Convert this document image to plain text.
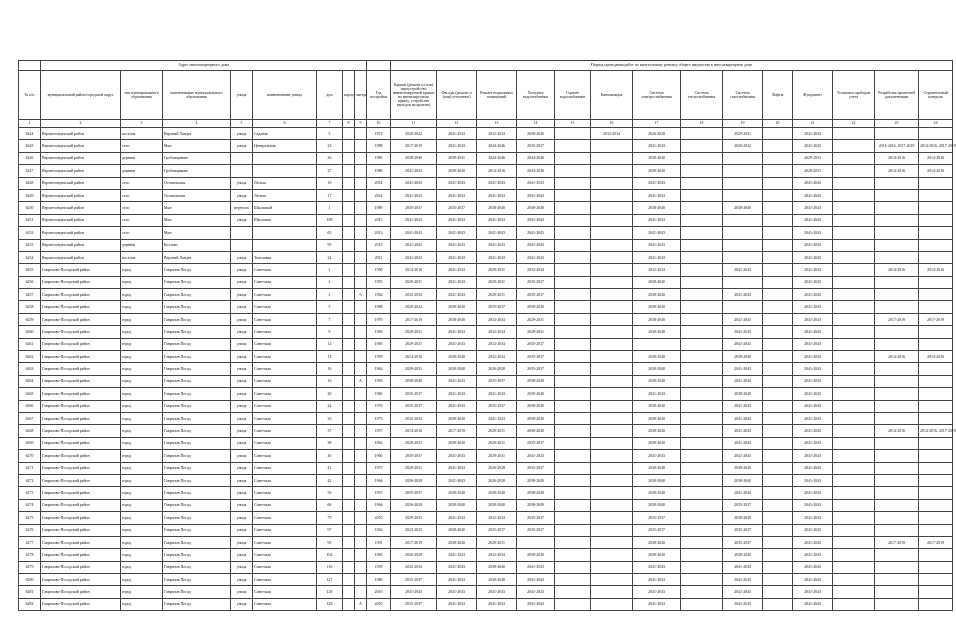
	Адрес многоквартирного дома									Период проведения работ по капитальному ремонту общего имущества в многоквартирном доме													
№ п/п	муниципальный район/городской округ	тип муниципального образования	наименование муниципального образования	улица	наименование улицы	дом	корпус	литера	Год постройки	Крыши (ремонт и (или) переустройство невентилируемой крыши на вентилируемую крышу, устройство выходов на кровлю)	Фасады (ремонт и (или) утепление)	Ремонт подвальных помещений	Холодное водоснабжение	Горячее водоснабжение	Канализация	Система электроснабжения	Система теплоснабжения	Система газоснабжения	Лифты	Фундамент	Установка приборов учета	Разработка проектной документации	Строительный контроль
1	2	3	4	5	6	7	8	9	10	11	12	13	14	15	16	17	18	19	20	21	22	23	24
6244	Верхнеландехский район	поселок	Верхний Ландех	улица	Садовая	5			1972	2020-2022	2041-2043	2032-2034	2038-2040		2032-2034	2026-2028		2029-2031		2041-2043			
6245	Верхнеландехский район	село	Мыт	улица	Центральная	23			1989	2017-2019	2041-2043	2044-2046	2035-2037			2041-2043		2020-2022		2041-2043		2014-2016, 2017-2019	2014-2016, 2017-2019
6246	Верхнеландехский район	деревня	Гробовщиково			26			1985	2038-2040	2039-2041	2044-2046	2044-2046			2038-2040				2029-2031		2014-2016	2014-2016
6247	Верхнеландехский район	деревня	Гробовщиково			27			1986	2041-2043	2038-2040	2014-2016	2044-2046			2038-2040				2029-2031		2014-2016	2014-2016
6248	Верхнеландехский район	село	Остаповская	улица	Лесная	16			2014	2041-2043	2041-2043	2041-2043	2041-2043			2041-2043				2041-2043			
6249	Верхнеландехский район	село	Остаповская	улица	Лесная	17			2014	2041-2043	2041-2043	2041-2043	2041-2043			2041-2043				2041-2043			
6250	Верхнеландехский район	село	Мыт	переулок	Школьный	1			1989	2035-2037	2035-2037	2038-2040	2038-2040			2038-2040		2038-2040		2041-2043			
6251	Верхнеландехский район	село	Мыт	улица	Школьная	108			2015	2041-2043	2041-2043	2041-2043	2041-2043			2041-2043				2041-2043			
6252	Верхнеландехский район	село	Мыт			65			2013	2041-2043	2041-2043	2041-2043	2041-2043			2041-2043				2041-2043			
6253	Верхнеландехский район	деревня	Козлово			95			2013	2041-2043	2041-2043	2041-2043	2041-2043			2041-2043				2041-2043			
6254	Верхнеландехский район	поселок	Верхний Ландех	улица	Тополевая	24			2011	2041-2043	2041-2043	2041-2043	2041-2043			2041-2043				2041-2043			
6255	Гаврилово-Посадский район	город	Гаврилов Посад	улица	Советская	1			1950	2014-2016	2041-2043	2029-2031	2032-2034			2032-2034		2041-2043		2041-2043		2014-2016	2014-2016
6256	Гаврилово-Посадский район	город	Гаврилов Посад	улица	Советская	2			1955	2029-2031	2041-2043	2029-2031	2035-2037			2038-2040				2041-2043			
6257	Гаврилово-Посадский район	город	Гаврилов Посад	улица	Советская	2		б	1962	2032-2034	2041-2043	2029-2031	2035-2037			2038-2040		2041-2043		2041-2043			
6258	Гаврилово-Посадский район	город	Гаврилов Посад	улица	Советская	5			1968	2020-2022	2038-2040	2035-2037	2038-2040			2038-2040				2041-2043			
6259	Гаврилово-Посадский район	город	Гаврилов Посад	улица	Советская	7			1970	2017-2019	2038-2040	2032-2034	2029-2031			2038-2040		2041-2043		2041-2043		2017-2019	2017-2019
6260	Гаврилово-Посадский район	город	Гаврилов Посад	улица	Советская	9			1983	2029-2031	2041-2043	2032-2034	2029-2031			2038-2040		2041-2043		2041-2043			
6261	Гаврилово-Посадский район	город	Гаврилов Посад	улица	Советская	12			1985	2029-2031	2041-2043	2032-2034	2035-2037					2041-2043		2041-2043			
6262	Гаврилово-Посадский район	город	Гаврилов Посад	улица	Советская	14			1959	2014-2016	2038-2040	2032-2034	2035-2037			2038-2040		2038-2040		2041-2043		2014-2016	2014-2016
6263	Гаврилово-Посадский район	город	Гаврилов Посад	улица	Советская	16			1962	2029-2031	2038-2040	2026-2028	2035-2037			2038-2040		2041-2043		2041-2043			
6264	Гаврилово-Посадский район	город	Гаврилов Посад	улица	Советская	16		А	1983	2038-2040	2041-2043	2035-2037	2038-2040			2038-2040		2041-2043		2041-2043			
6265	Гаврилово-Посадский район	город	Гаврилов Посад	улица	Советская	20			1960	2035-2037	2041-2043	2041-2043	2038-2040			2041-2043		2038-2040		2041-2043			
6266	Гаврилово-Посадский район	город	Гаврилов Посад	улица	Советская	24			1976	2035-2037	2041-2043	2035-2037	2038-2040			2038-2040		2041-2043		2041-2043			
6267	Гаврилово-Посадский район	город	Гаврилов Посад	улица	Советская	35			1975	2032-2034	2038-2040	2041-2043	2038-2040			2038-2040		2041-2043		2041-2043			
6268	Гаврилово-Посадский район	город	Гаврилов Посад	улица	Советская	37			1957	2014-2016	2017-2019	2029-2031	2038-2040			2038-2040		2041-2043		2041-2043		2014-2016	2014-2016, 2017-2019
6269	Гаврилово-Посадский район	город	Гаврилов Посад	улица	Советская	38			1962	2029-2031	2038-2040	2029-2031	2035-2037			2038-2040		2041-2043		2041-2043			
6270	Гаврилово-Посадский район	город	Гаврилов Посад	улица	Советская	40			1960	2035-2037	2041-2043	2029-2031	2041-2043			2041-2043		2041-2043		2041-2043			
6271	Гаврилово-Посадский район	город	Гаврилов Посад	улица	Советская	41			1957	2029-2031	2041-2043	2026-2028	2035-2037			2038-2040		2038-2040		2041-2043			
6272	Гаврилово-Посадский район	город	Гаврилов Посад	улица	Советская	42			1964	2026-2028	2041-2043	2026-2028	2038-2040			2038-2040		2038-2040		2041-2043			
6273	Гаврилово-Посадский район	город	Гаврилов Посад	улица	Советская	56			1957	2035-2037	2038-2040	2038-2040	2038-2040			2038-2040		2041-2043		2041-2043			
6274	Гаврилово-Посадский район	город	Гаврилов Посад	улица	Советская	66			1964	2026-2028	2038-2040	2038-2040	2038-2040			2038-2040		2035-2037		2041-2043			
6275	Гаврилово-Посадский район	город	Гаврилов Посад	улица	Советская	75			2010	2029-2031	2041-2043	2032-2034	2035-2037			2035-2037		2038-2040		2041-2043			
6276	Гаврилово-Посадский район	город	Гаврилов Посад	улица	Советская	97			1962	2023-2025	2038-2040	2035-2037	2035-2037			2035-2037		2035-2037		2041-2043			
6277	Гаврилово-Посадский район	город	Гаврилов Посад	улица	Советская	93			1991	2017-2019	2038-2040	2029-2031				2038-2040		2035-2037		2041-2043		2017-2019	2017-2019
6278	Гаврилово-Посадский район	город	Гаврилов Посад	улица	Советская	104			1965	2026-2028	2041-2043	2032-2034	2038-2040			2038-2040		2038-2040		2041-2043			
6279	Гаврилово-Посадский район	город	Гаврилов Посад	улица	Советская	116			1959	2032-2034	2041-2043	2038-2040	2041-2043			2041-2043		2041-2043		2041-2043			
6280	Гаврилово-Посадский район	город	Гаврилов Посад	улица	Советская	127			1980	2035-2037	2041-2043	2038-2040	2041-2043			2041-2043		2041-2043		2041-2043			
6281	Гаврилово-Посадский район	город	Гаврилов Посад	улица	Советская	128			2010	2041-2043	2041-2043	2041-2043	2041-2043			2041-2043		2041-2043		2041-2043			
6282	Гаврилово-Посадский район	город	Гаврилов Посад	улица	Советская	129		А	2010	2035-2037	2041-2043	2041-2043	2041-2043			2041-2043		2041-2043		2041-2043			
